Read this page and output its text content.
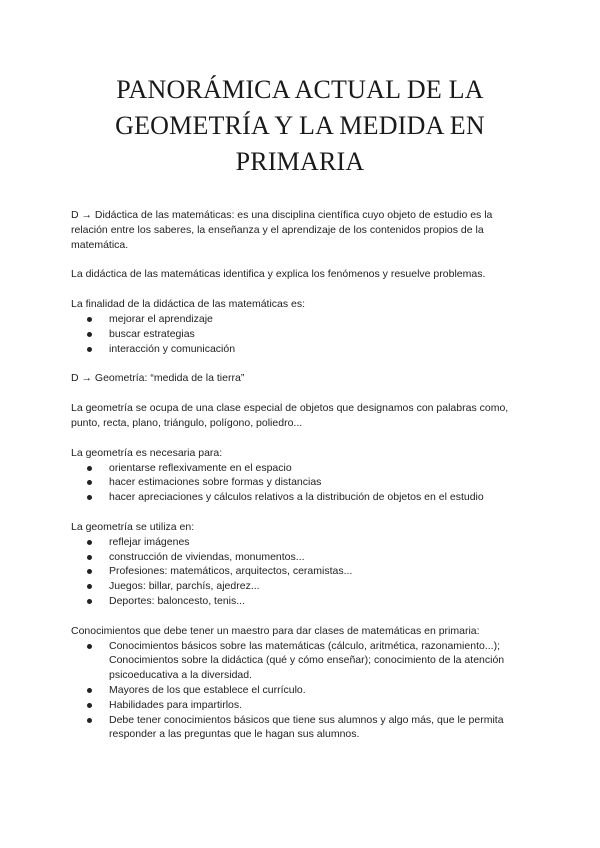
PANORÁMICA ACTUAL DE LA GEOMETRÍA Y LA MEDIDA EN PRIMARIA

D → Didáctica de las matemáticas: es una disciplina científica cuyo objeto de estudio es la relación entre los saberes, la enseñanza y el aprendizaje de los contenidos propios de la matemática.

La didáctica de las matemáticas identifica y explica los fenómenos y resuelve problemas.

La finalidad de la didáctica de las matemáticas es:

mejorar el aprendizaje
buscar estrategias
interacción y comunicación

D → Geometría: “medida de la tierra”

La geometría se ocupa de una clase especial de objetos que designamos con palabras como, punto, recta, plano, triángulo, polígono, poliedro...

La geometría es necesaria para:

orientarse reflexivamente en el espacio
hacer estimaciones sobre formas y distancias
hacer apreciaciones y cálculos relativos a la distribución de objetos en el estudio

La geometría se utiliza en:

reflejar imágenes
construcción de viviendas, monumentos...
Profesiones: matemáticos, arquitectos, ceramistas...
Juegos: billar, parchís, ajedrez...
Deportes: baloncesto, tenis...

Conocimientos que debe tener un maestro para dar clases de matemáticas en primaria:

Conocimientos básicos sobre las matemáticas (cálculo, aritmética, razonamiento...); Conocimientos sobre la didáctica (qué y cómo enseñar); conocimiento de la atención psicoeducativa a la diversidad.
Mayores de los que establece el currículo.
Habilidades para impartirlos.
Debe tener conocimientos básicos que tiene sus alumnos y algo más, que le permita responder a las preguntas que le hagan sus alumnos.
